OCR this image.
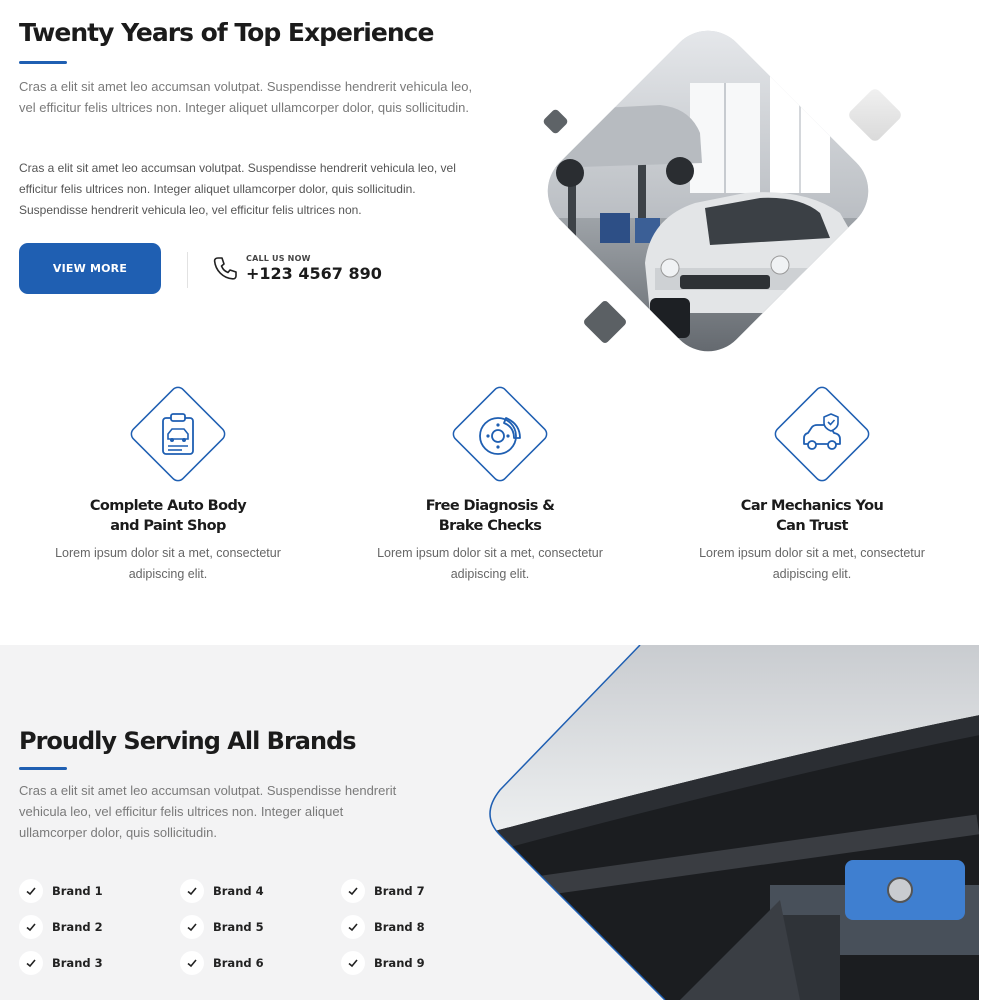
Twenty Years of Top Experience

Cras a elit sit amet leo accumsan volutpat. Suspendisse hendrerit vehicula leo, vel efficitur felis ultrices non. Integer aliquet ullamcorper dolor, quis sollicitudin.

Cras a elit sit amet leo accumsan volutpat. Suspendisse hendrerit vehicula leo, vel efficitur felis ultrices non. Integer aliquet ullamcorper dolor, quis sollicitudin. Suspendisse hendrerit vehicula leo, vel efficitur felis ultrices non.

VIEW MORE
CALL US NOW
+123 4567 890
Complete Auto Body
and Paint Shop

Lorem ipsum dolor sit a met, consectetur adipiscing elit.

Free Diagnosis &
Brake Checks

Lorem ipsum dolor sit a met, consectetur adipiscing elit.

Car Mechanics You
Can Trust

Lorem ipsum dolor sit a met, consectetur adipiscing elit.

Proudly Serving All Brands

Cras a elit sit amet leo accumsan volutpat. Suspendisse hendrerit vehicula leo, vel efficitur felis ultrices non. Integer aliquet ullamcorper dolor, quis sollicitudin.

Brand 1
Brand 2
Brand 3
Brand 4
Brand 5
Brand 6
Brand 7
Brand 8
Brand 9
